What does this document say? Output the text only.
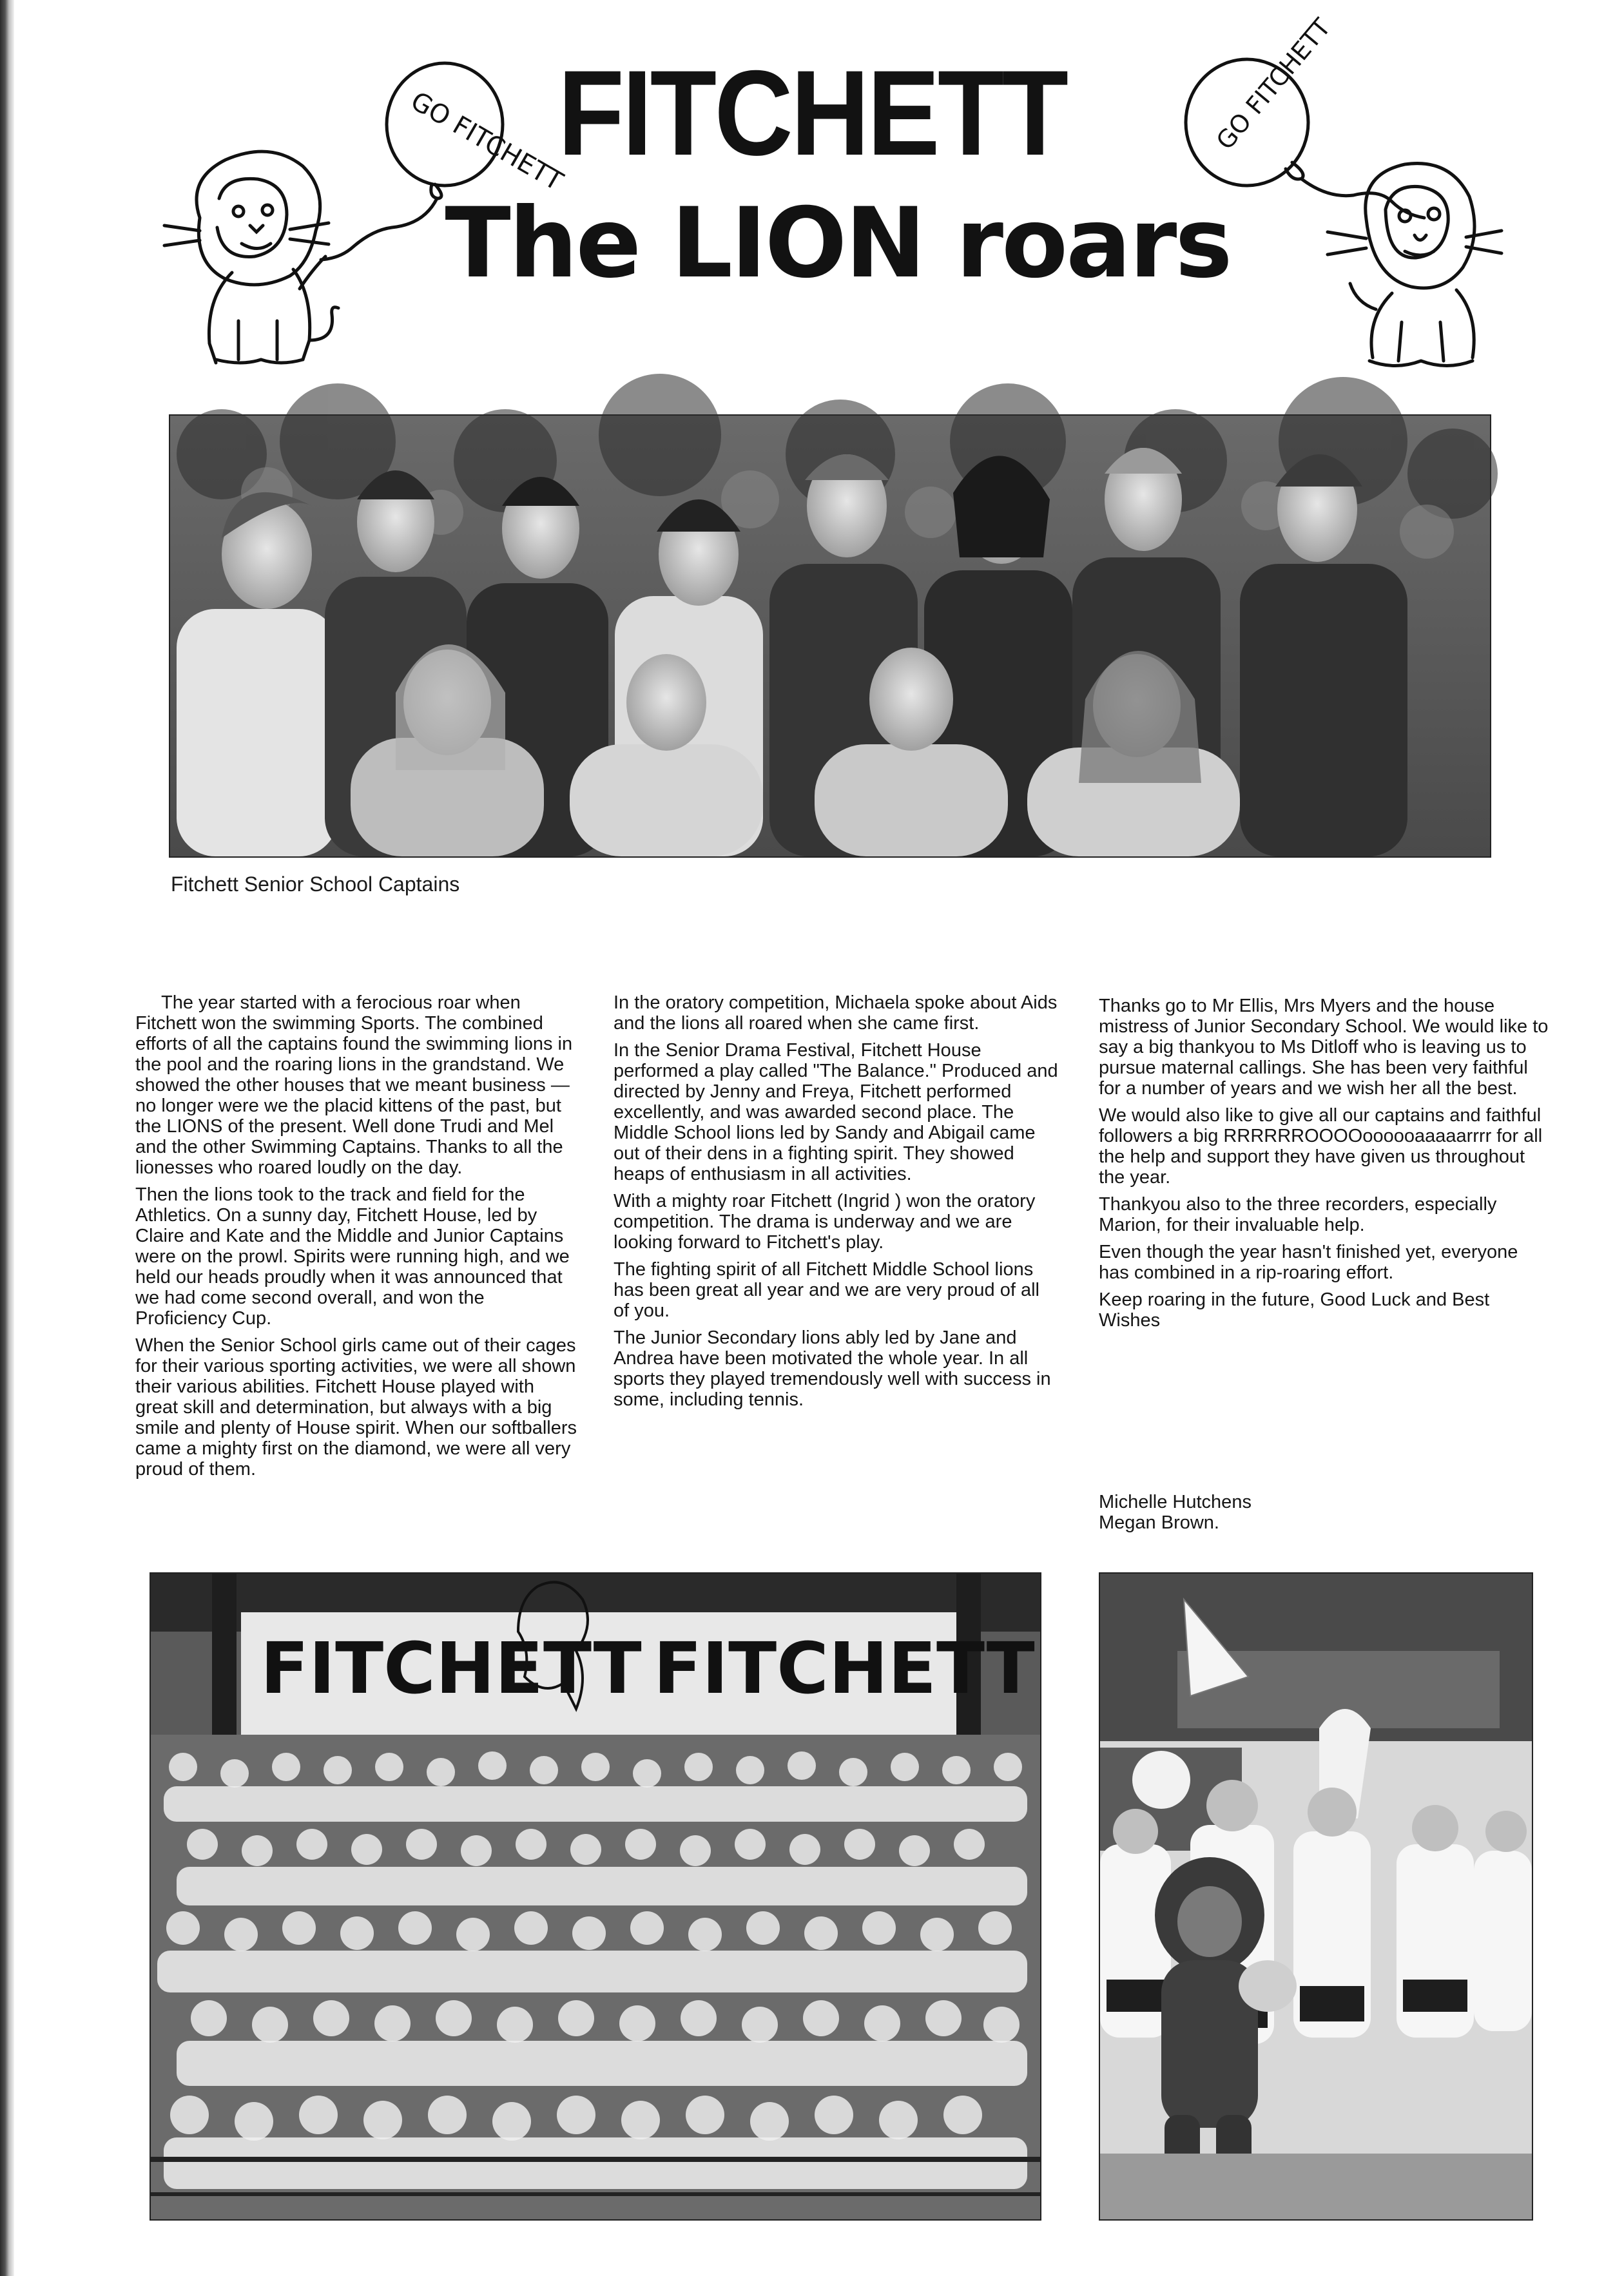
GO FITCHETT	GO FITCHETT
FITCHETT
The LION roars
Fitchett Senior School Captains

The year started with a ferocious roar when Fitchett won the swimming Sports. The combined efforts of all the captains found the swimming lions in the pool and the roaring lions in the grandstand. We showed the other houses that we meant business — no longer were we the placid kittens of the past, but the LIONS of the present. Well done Trudi and Mel and the other Swimming Captains. Thanks to all the lionesses who roared loudly on the day.

Then the lions took to the track and field for the Athletics. On a sunny day, Fitchett House, led by Claire and Kate and the Middle and Junior Captains were on the prowl. Spirits were running high, and we held our heads proudly when it was announced that we had come second overall, and won the Proficiency Cup.

When the Senior School girls came out of their cages for their various sporting activities, we were all shown their various abilities. Fitchett House played with great skill and determination, but always with a big smile and plenty of House spirit. When our softballers came a mighty first on the diamond, we were all very proud of them.

In the oratory competition, Michaela spoke about Aids and the lions all roared when she came first.

In the Senior Drama Festival, Fitchett House performed a play called "The Balance." Produced and directed by Jenny and Freya, Fitchett performed excellently, and was awarded second place. The Middle School lions led by Sandy and Abigail came out of their dens in a fighting spirit. They showed heaps of enthusiasm in all activities.

With a mighty roar Fitchett (Ingrid ) won the oratory competition. The drama is underway and we are looking forward to Fitchett's play.

The fighting spirit of all Fitchett Middle School lions has been great all year and we are very proud of all of you.

The Junior Secondary lions ably led by Jane and Andrea have been motivated the whole year. In all sports they played tremendously well with success in some, including tennis.

Thanks go to Mr Ellis, Mrs Myers and the house mistress of Junior Secondary School. We would like to say a big thankyou to Ms Ditloff who is leaving us to pursue maternal callings. She has been very faithful for a number of years and we wish her all the best.

We would also like to give all our captains and faithful followers a big RRRRRROOOOoooooaaaaarrrr for all the help and support they have given us throughout the year.

Thankyou also to the three recorders, especially Marion, for their invaluable help.

Even though the year hasn't finished yet, everyone has combined in a rip-roaring effort.

Keep roaring in the future, Good Luck and Best Wishes

Michelle Hutchens
Megan Brown.
FITCHETT FITCHETT
